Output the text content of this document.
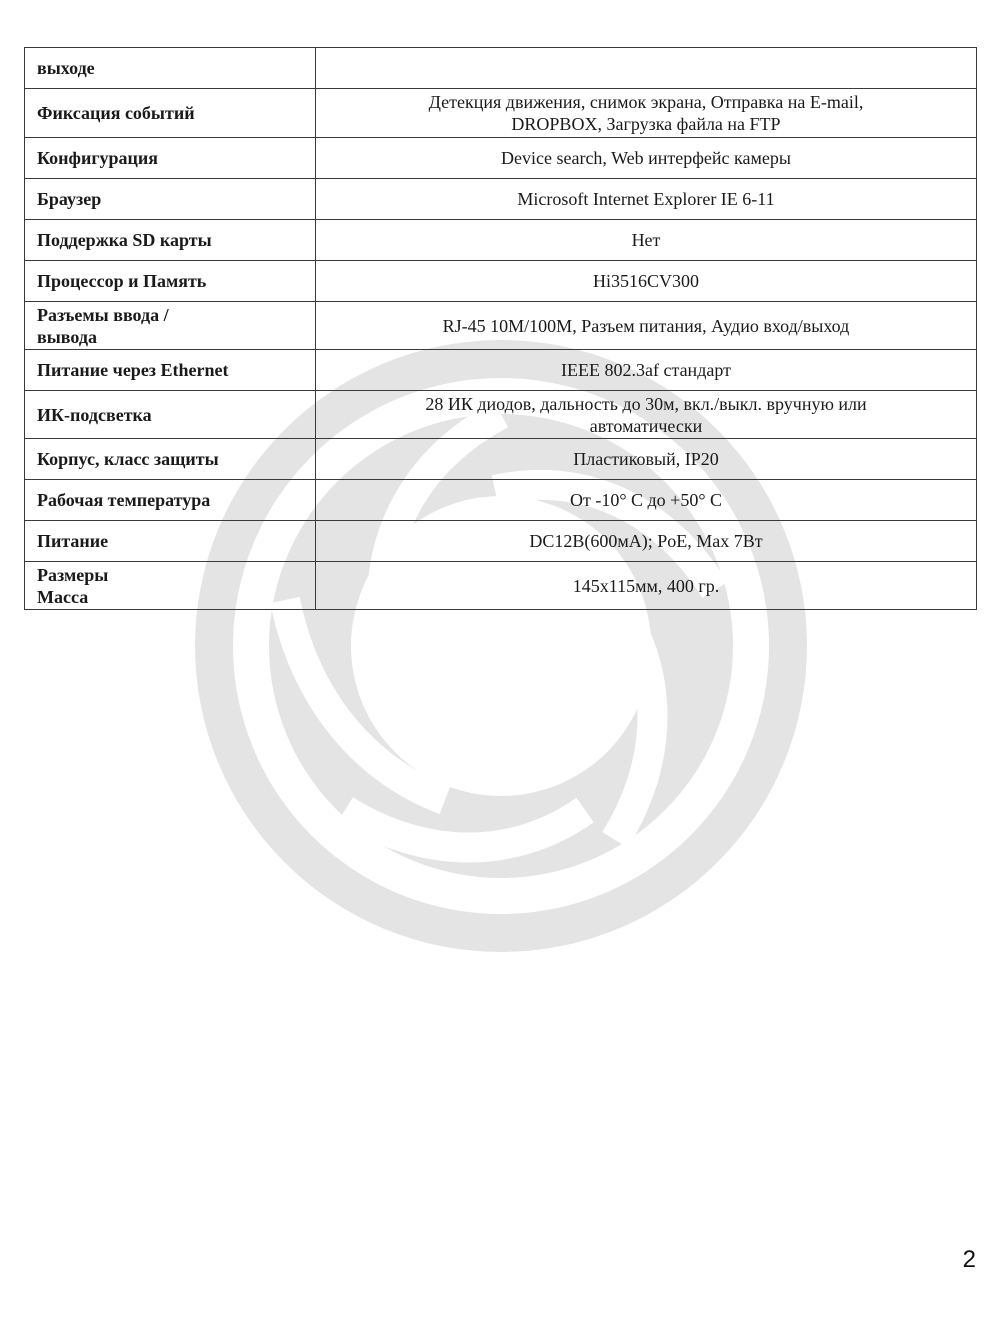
выходе	
Фиксация событий	Детекция движения, снимок экрана, Отправка на E-mail,
DROPBOX, Загрузка файла на FTP
Конфигурация	Device search, Web интерфейс камеры
Браузер	Microsoft Internet Explorer IE 6-11
Поддержка SD карты	Нет
Процессор и Память	Hi3516CV300
Разъемы ввода /
вывода	RJ-45 10M/100M, Разъем питания, Аудио вход/выход
Питание через Ethernet	IEEE 802.3af стандарт
ИК-подсветка	28 ИК диодов, дальность до 30м, вкл./выкл. вручную или
автоматически
Корпус, класс защиты	Пластиковый, IP20
Рабочая температура	От -10° С до +50° С
Питание	DC12В(600мА); PoE, Max 7Вт
Размеры
Масса	145x115мм, 400 гр.
2
